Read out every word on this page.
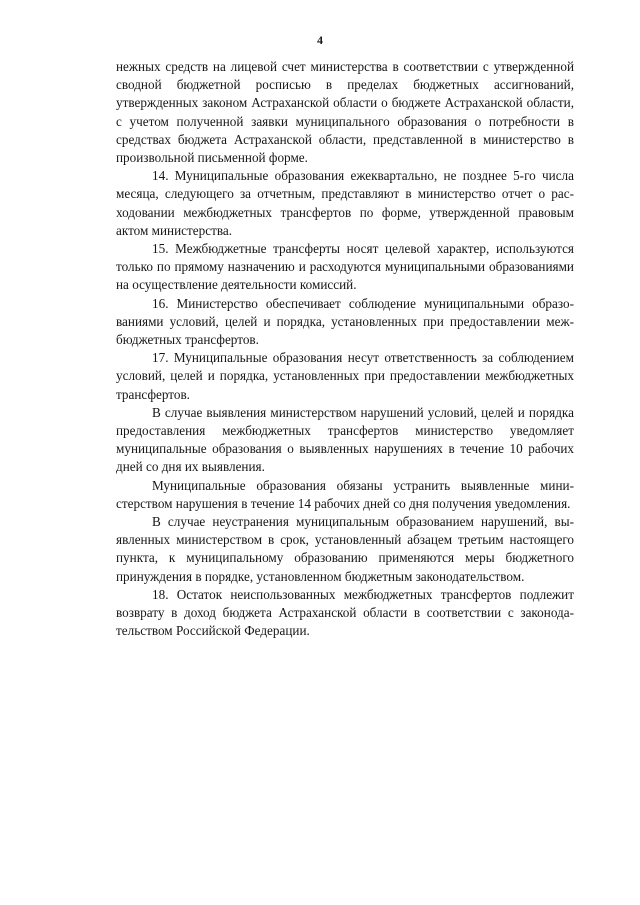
4

нежных средств на лицевой счет министерства в соответствии с утвержденной сводной бюджетной росписью в пределах бюджетных ассигнований, утвержденных законом Астраханской области о бюджете Астраханской области, с учетом полученной заявки муниципального образования о потребности в средствах бюджета Астраханской области, представленной в министерство в произвольной письменной форме.

14. Муниципальные образования ежеквартально, не позднее 5-го числа месяца, следующего за отчетным, представляют в министерство отчет о расходовании межбюджетных трансфертов по форме, утвержденной правовым актом министерства.

15. Межбюджетные трансферты носят целевой характер, используются только по прямому назначению и расходуются муниципальными образованиями на осуществление деятельности комиссий.

16. Министерство обеспечивает соблюдение муниципальными образованиями условий, целей и порядка, установленных при предоставлении межбюджетных трансфертов.

17. Муниципальные образования несут ответственность за соблюдением условий, целей и порядка, установленных при предоставлении межбюджетных трансфертов.

В случае выявления министерством нарушений условий, целей и порядка предоставления межбюджетных трансфертов министерство уведомляет муниципальные образования о выявленных нарушениях в течение 10 рабочих дней со дня их выявления.

Муниципальные образования обязаны устранить выявленные министерством нарушения в течение 14 рабочих дней со дня получения уведомления.

В случае неустранения муниципальным образованием нарушений, выявленных министерством в срок, установленный абзацем третьим настоящего пункта, к муниципальному образованию применяются меры бюджетного принуждения в порядке, установленном бюджетным законодательством.

18. Остаток неиспользованных межбюджетных трансфертов подлежит возврату в доход бюджета Астраханской области в соответствии с законодательством Российской Федерации.
